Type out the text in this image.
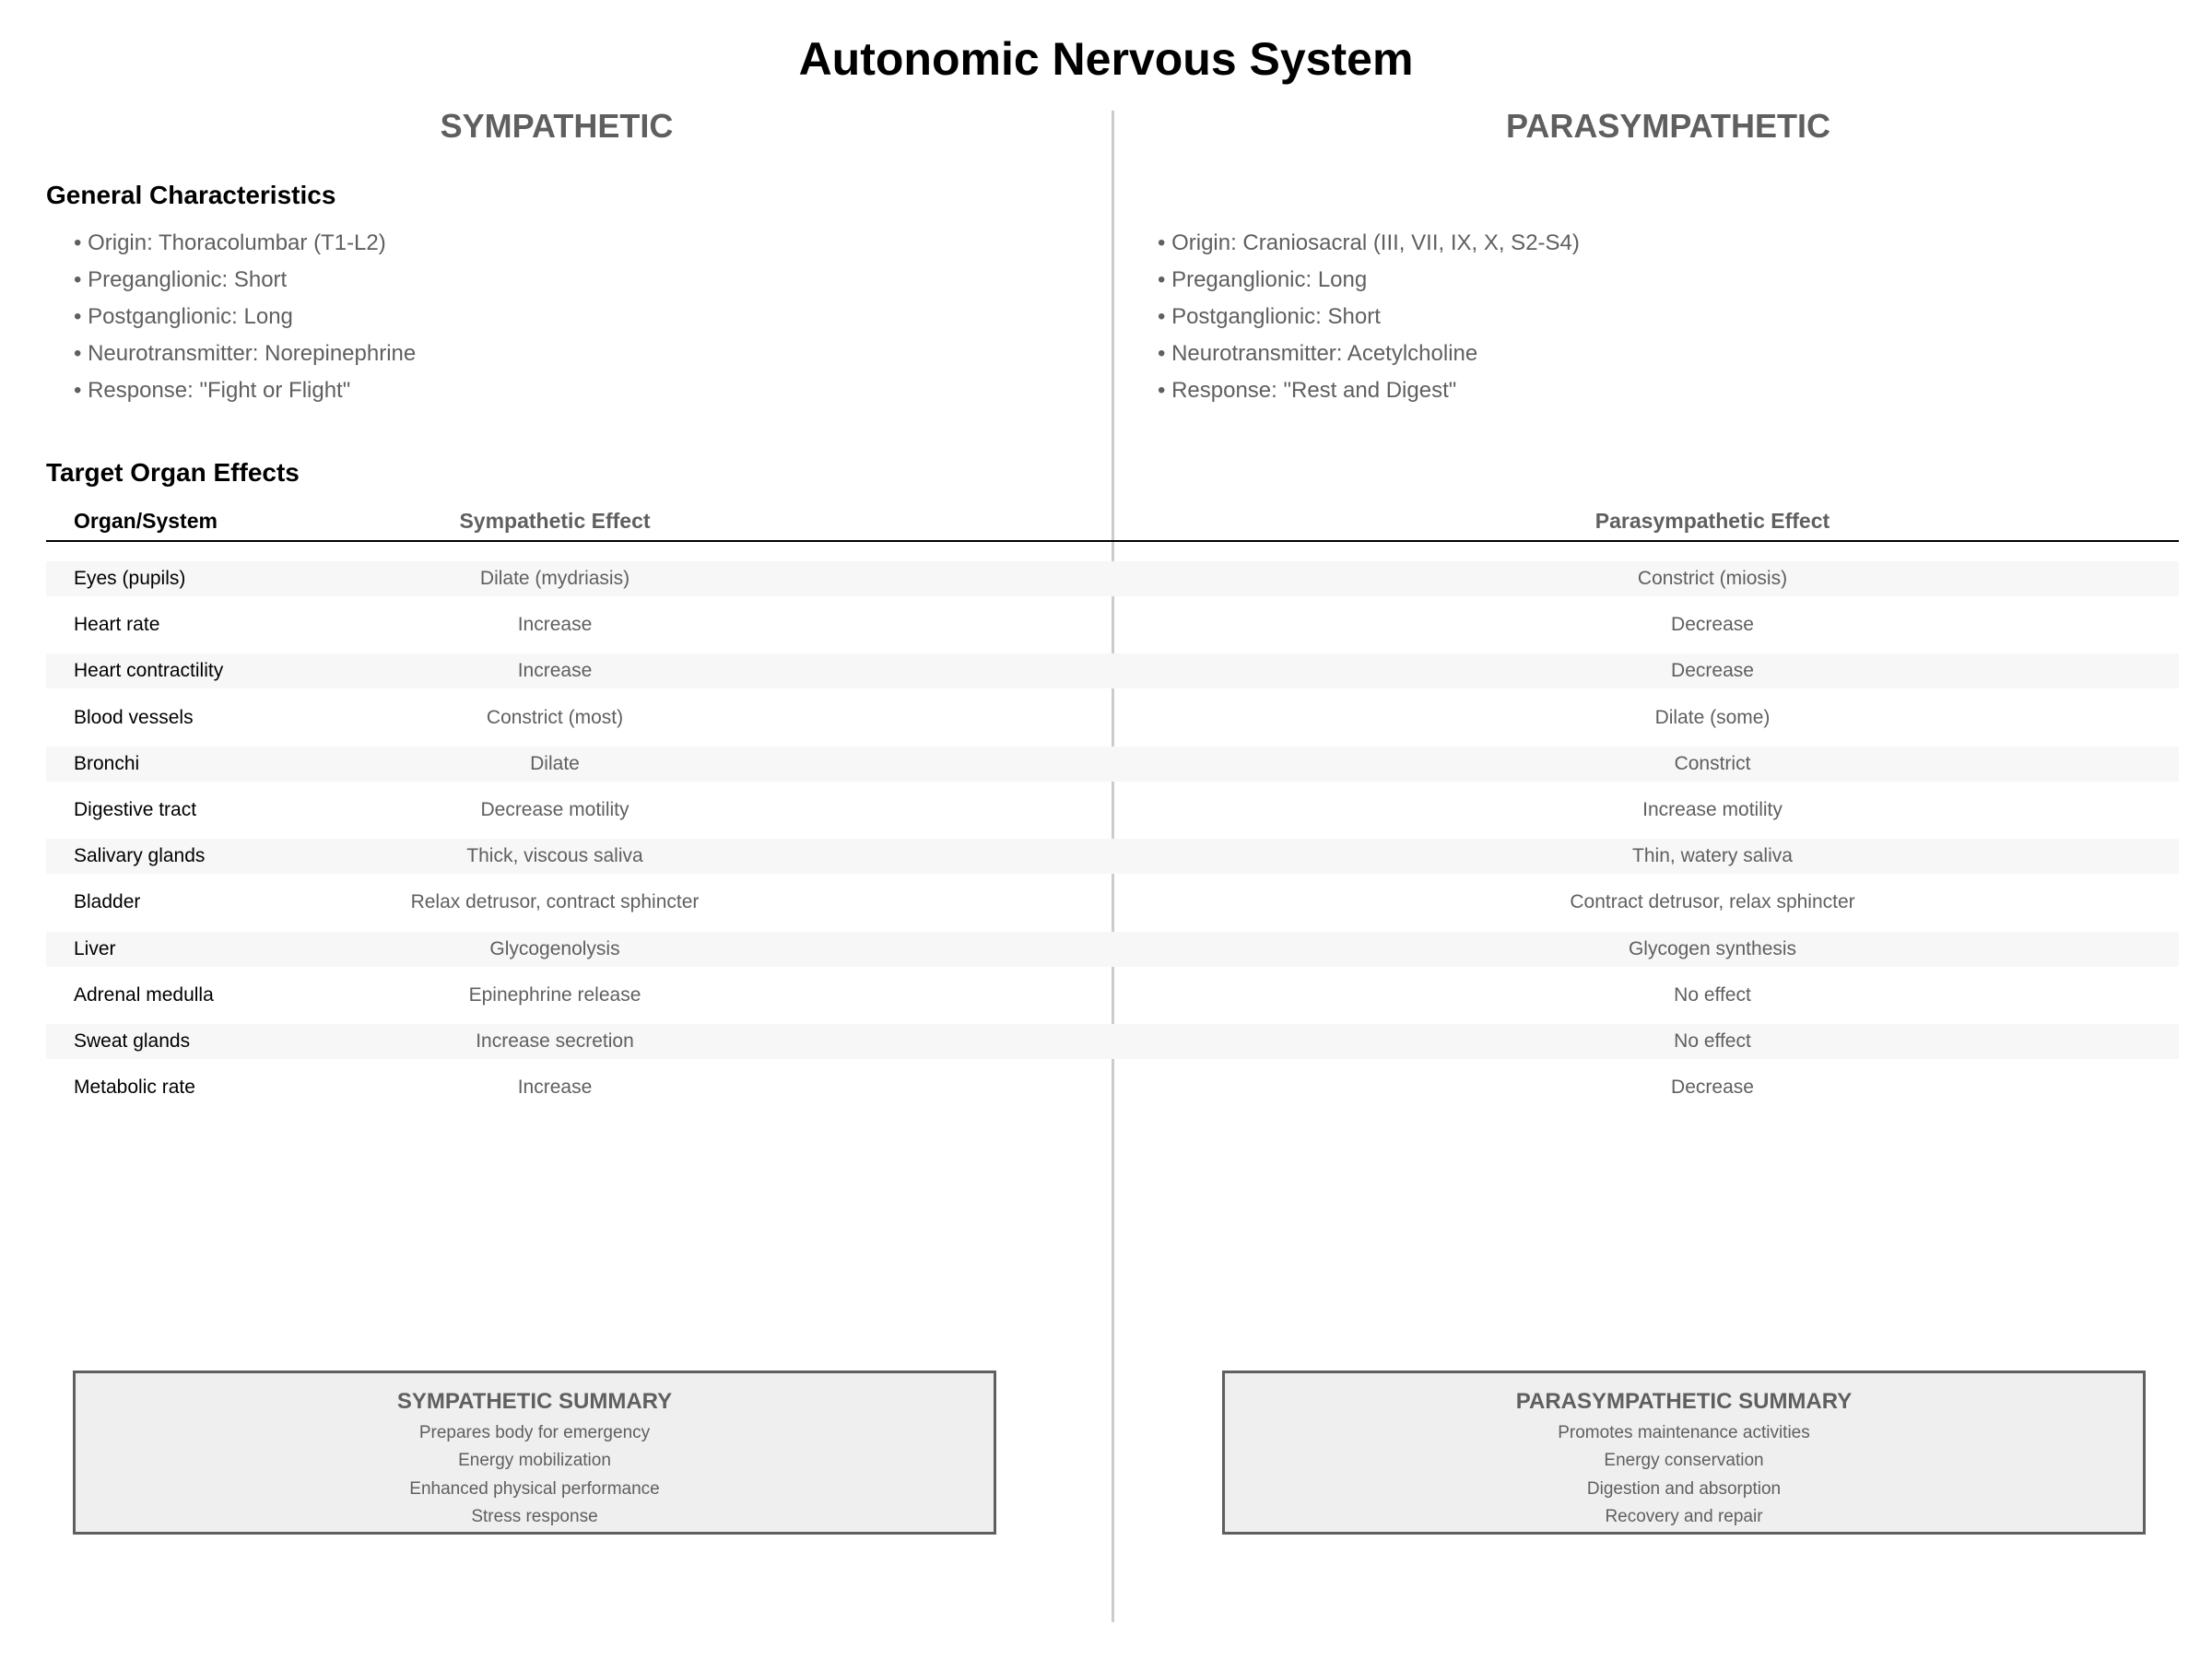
Autonomic Nervous System
SYMPATHETIC	PARASYMPATHETIC
General Characteristics
• Origin: Thoracolumbar (T1-L2)
• Preganglionic: Short
• Postganglionic: Long
• Neurotransmitter: Norepinephrine
• Response: "Fight or Flight"
• Origin: Craniosacral (III, VII, IX, X, S2-S4)
• Preganglionic: Long
• Postganglionic: Short
• Neurotransmitter: Acetylcholine
• Response: "Rest and Digest"
Target Organ Effects
Organ/System	Sympathetic Effect	Parasympathetic Effect
Eyes (pupils)	Dilate (mydriasis)	Constrict (miosis)
Heart rate	Increase	Decrease
Heart contractility	Increase	Decrease
Blood vessels	Constrict (most)	Dilate (some)
Bronchi	Dilate	Constrict
Digestive tract	Decrease motility	Increase motility
Salivary glands	Thick, viscous saliva	Thin, watery saliva
Bladder	Relax detrusor, contract sphincter	Contract detrusor, relax sphincter
Liver	Glycogenolysis	Glycogen synthesis
Adrenal medulla	Epinephrine release	No effect
Sweat glands	Increase secretion	No effect
Metabolic rate	Increase	Decrease
SYMPATHETIC SUMMARY
Prepares body for emergency
Energy mobilization
Enhanced physical performance
Stress response
PARASYMPATHETIC SUMMARY
Promotes maintenance activities
Energy conservation
Digestion and absorption
Recovery and repair
